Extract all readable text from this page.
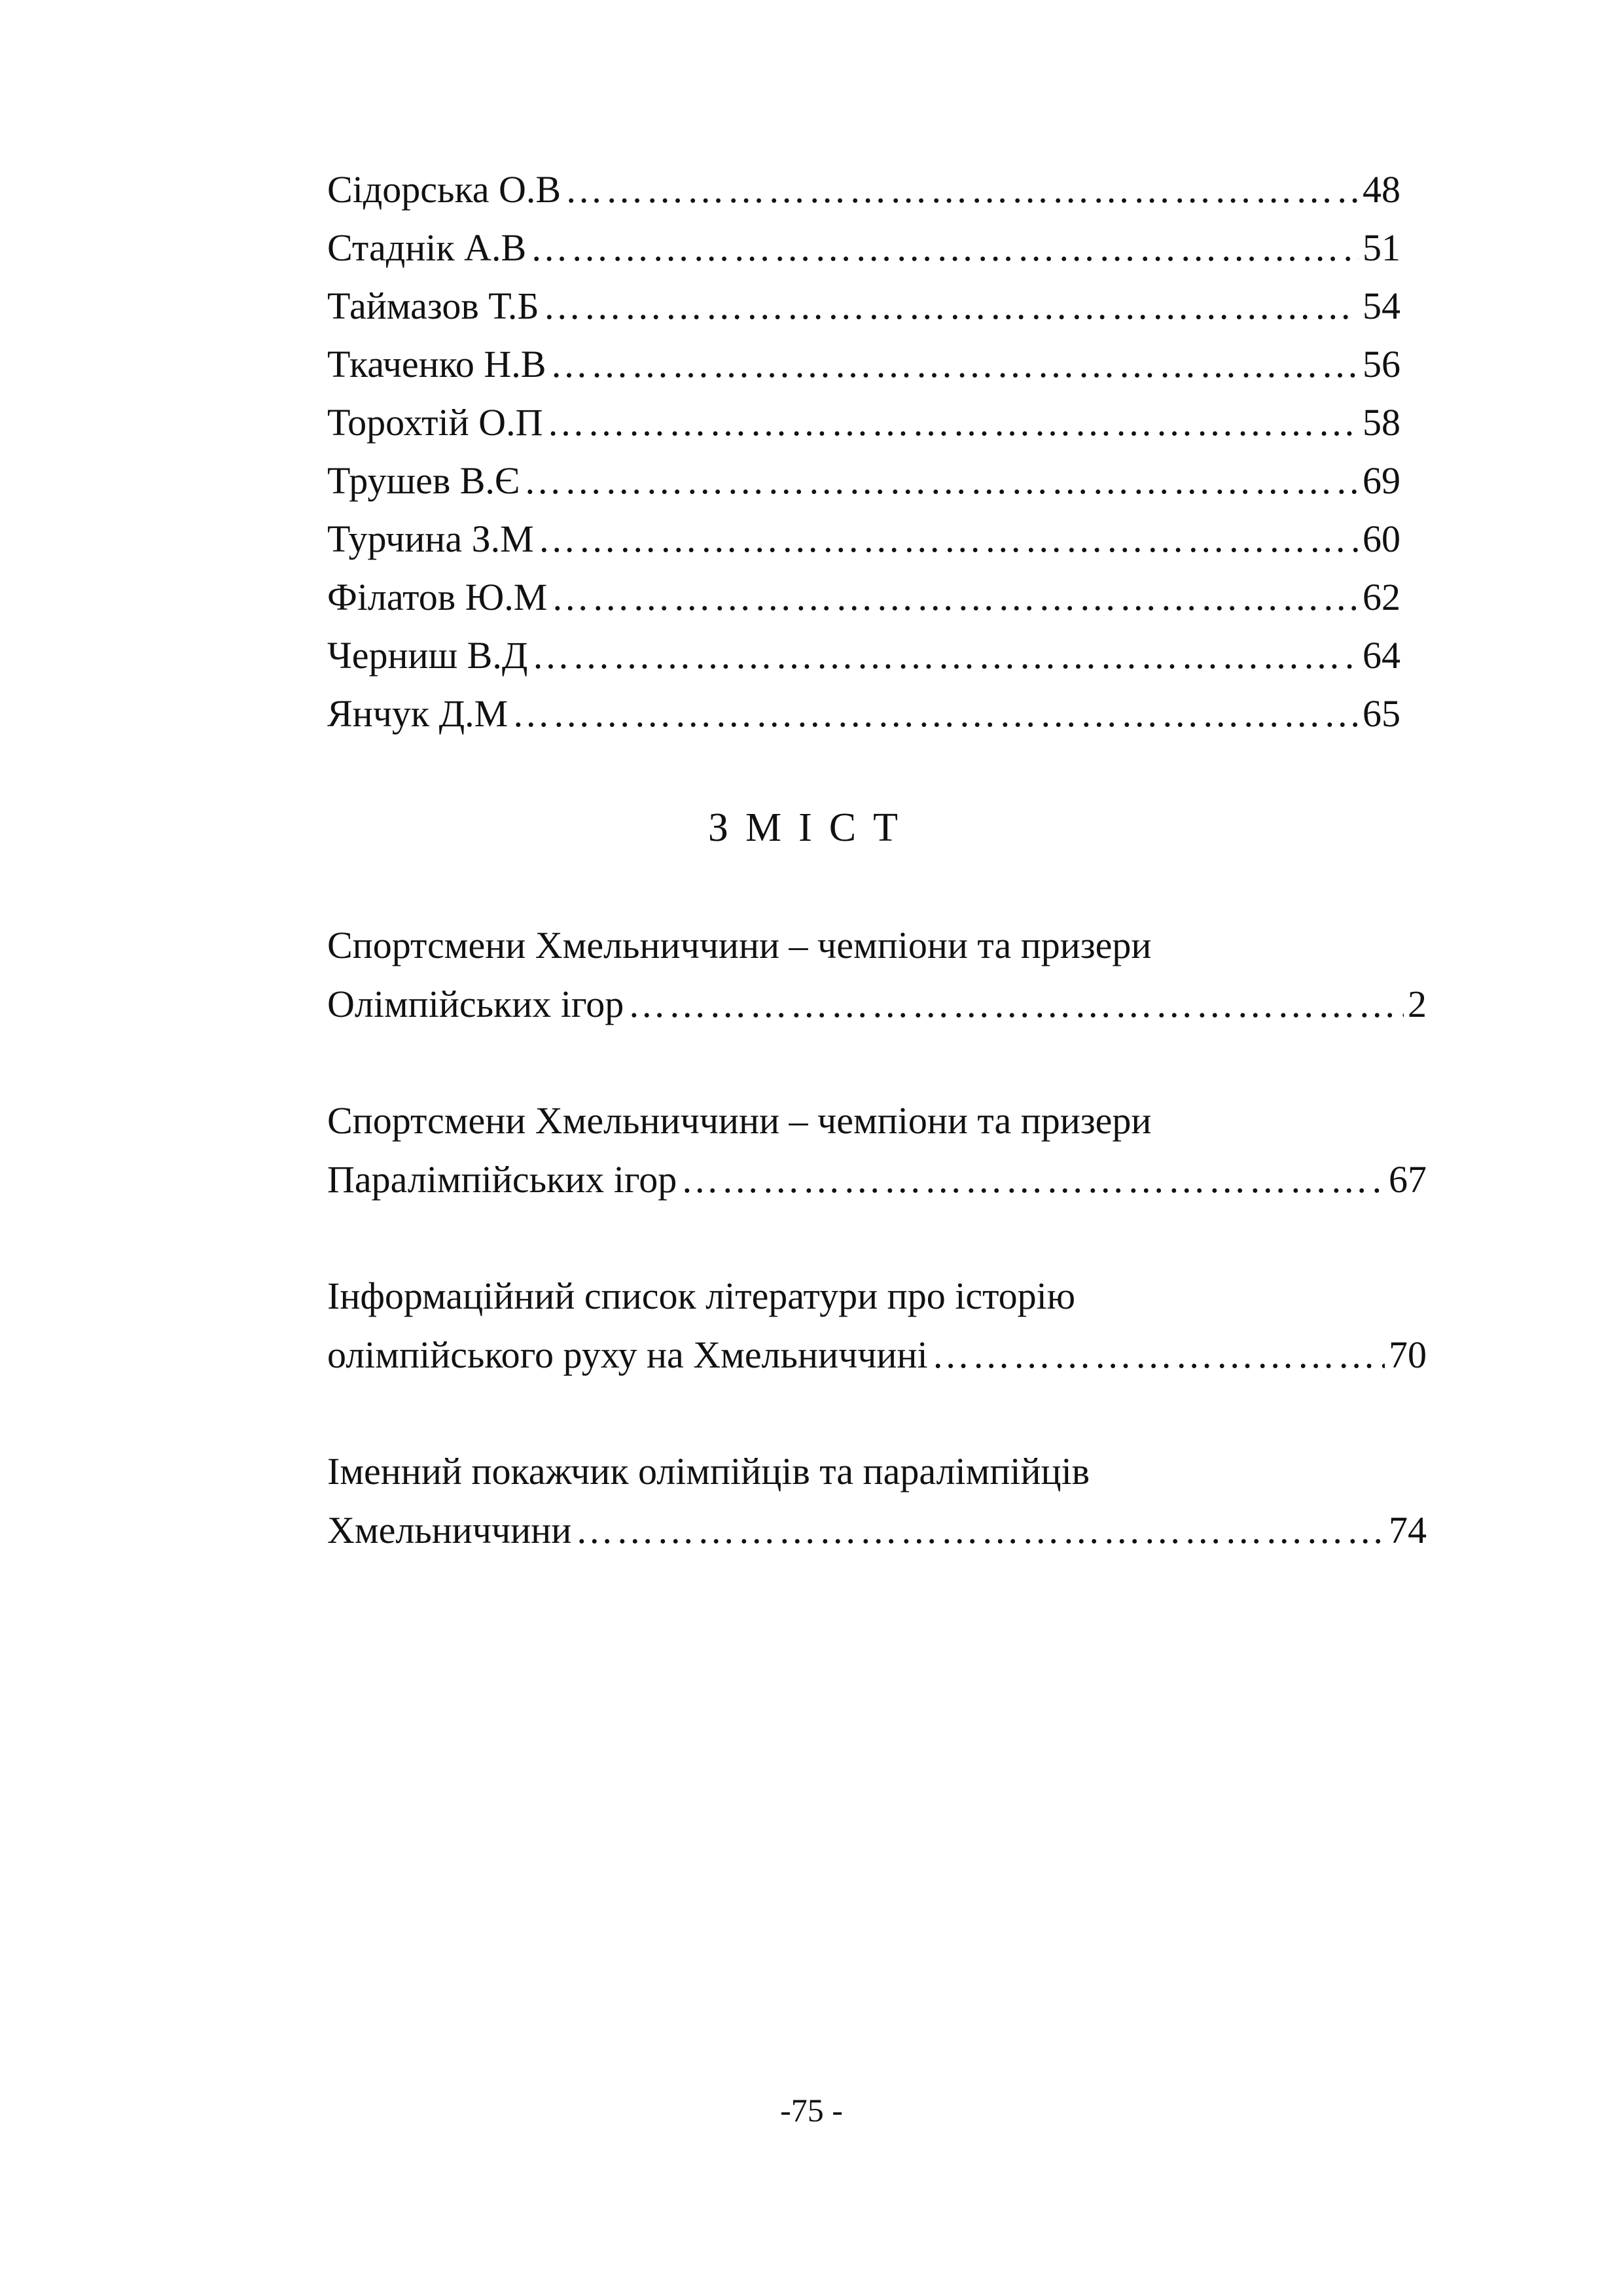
Сідорська О.В …………………………………………………………………………………………………………………………………………………………………………	48
Стаднік А.В …………………………………………………………………………………………………………………………………………………………………………	51
Таймазов Т.Б …………………………………………………………………………………………………………………………………………………………………………	54
Ткаченко Н.В …………………………………………………………………………………………………………………………………………………………………………	56
Торохтій О.П …………………………………………………………………………………………………………………………………………………………………………	58
Трушев В.Є …………………………………………………………………………………………………………………………………………………………………………	69
Турчина З.М …………………………………………………………………………………………………………………………………………………………………………	60
Філатов Ю.М …………………………………………………………………………………………………………………………………………………………………………	62
Черниш В.Д …………………………………………………………………………………………………………………………………………………………………………	64
Янчук Д.М …………………………………………………………………………………………………………………………………………………………………………	65
ЗМІСТ
Спортсмени Хмельниччини – чемпіони та призери
Олімпійських ігор …………………………………………………………………………………………………………………………………………………………………………	2
Спортсмени Хмельниччини – чемпіони та призери
Паралімпійських ігор …………………………………………………………………………………………………………………………………………………………………………	67
Інформаційний список літератури про історію
олімпійського руху на Хмельниччині …………………………………………………………………………………………………………………………………………………………………………	70
Іменний покажчик олімпійців та паралімпійців
Хмельниччини …………………………………………………………………………………………………………………………………………………………………………	74
-75 -
